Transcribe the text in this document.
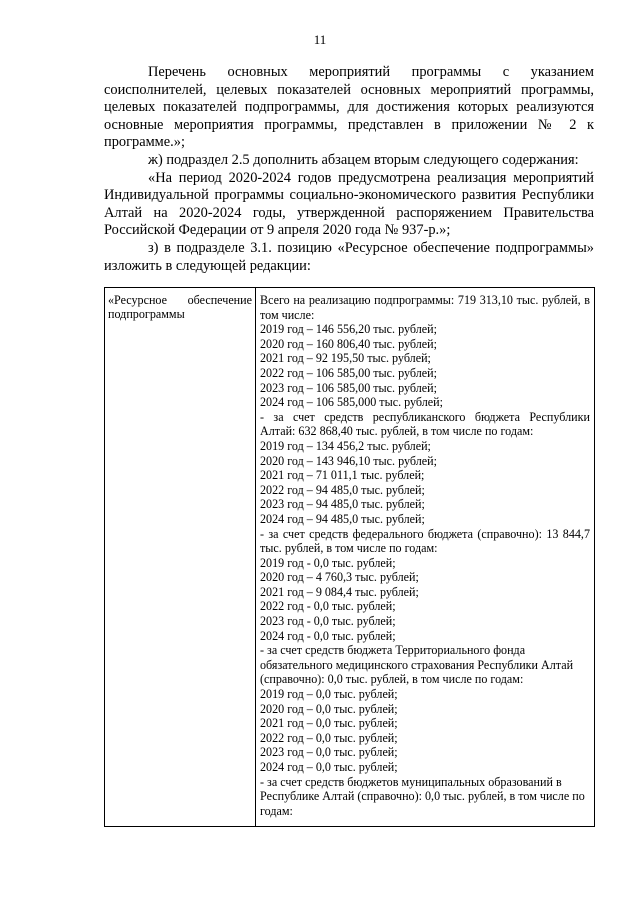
11

Перечень основных мероприятий программы с указанием соисполнителей, целевых показателей основных мероприятий программы, целевых показателей подпрограммы, для достижения которых реализуются основные мероприятия программы, представлен в приложении № 2 к программе.»;

ж) подраздел 2.5 дополнить абзацем вторым следующего содержания:

«На период 2020-2024 годов предусмотрена реализация мероприятий Индивидуальной программы социально-экономического развития Республики Алтай на 2020-2024 годы, утвержденной распоряжением Правительства Российской Федерации от 9 апреля 2020 года № 937-р.»;

з) в подразделе 3.1. позицию «Ресурсное обеспечение подпрограммы» изложить в следующей редакции:

«Ресурсное обеспечение подпрограммы

Всего на реализацию подпрограммы: 719 313,10 тыс. рублей, в том числе:

2019 год – 146 556,20 тыс. рублей;

2020 год – 160 806,40 тыс. рублей;

2021 год – 92 195,50 тыс. рублей;

2022 год – 106 585,00 тыс. рублей;

2023 год – 106 585,00 тыс. рублей;

2024 год – 106 585,000 тыс. рублей;

- за счет средств республиканского бюджета Республики Алтай: 632 868,40 тыс. рублей, в том числе по годам:

2019 год – 134 456,2 тыс. рублей;

2020 год – 143 946,10 тыс. рублей;

2021 год – 71 011,1 тыс. рублей;

2022 год – 94 485,0 тыс. рублей;

2023 год – 94 485,0 тыс. рублей;

2024 год – 94 485,0 тыс. рублей;

- за счет средств федерального бюджета (справочно): 13 844,7 тыс. рублей, в том числе по годам:

2019 год - 0,0 тыс. рублей;

2020 год – 4 760,3 тыс. рублей;

2021 год – 9 084,4 тыс. рублей;

2022 год - 0,0 тыс. рублей;

2023 год - 0,0 тыс. рублей;

2024 год - 0,0 тыс. рублей;

- за счет средств бюджета Территориального фонда обязательного медицинского страхования Республики Алтай (справочно): 0,0 тыс. рублей, в том числе по годам:

2019 год – 0,0 тыс. рублей;

2020 год – 0,0 тыс. рублей;

2021 год – 0,0 тыс. рублей;

2022 год – 0,0 тыс. рублей;

2023 год – 0,0 тыс. рублей;

2024 год – 0,0 тыс. рублей;

- за счет средств бюджетов муниципальных образований в Республике Алтай (справочно): 0,0 тыс. рублей, в том числе по годам:
